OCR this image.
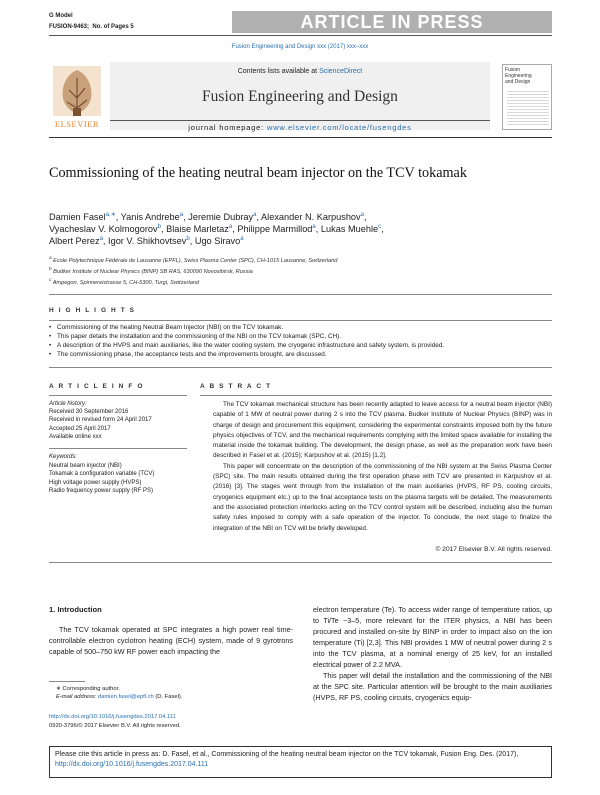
G Model
FUSION-9463; No. of Pages 5	ARTICLE IN PRESS
Fusion Engineering and Design xxx (2017) xxx–xxx
ELSEVIER
Contents lists available at ScienceDirect
Fusion Engineering and Design
journal homepage: www.elsevier.com/locate/fusengdes
Fusion
Engineering
and Design
Commissioning of the heating neutral beam injector on the TCV tokamak
Damien Fasel$^{a,∗}$, Yanis Andrebe$^a$, Jeremie Dubray$^a$, Alexander N. Karpushov$^a$,
Vyacheslav V. Kolmogorov$^b$, Blaise Marletaz$^a$, Philippe Marmillod$^a$, Lukas Muehle$^c$,
Albert Perez$^a$, Igor V. Shikhovtsev$^b$, Ugo Siravo$^a$
$^a$ Ecole Polytechnique Fédérale de Lausanne (EPFL), Swiss Plasma Center (SPC), CH-1015 Lausanne, Switzerland
$^b$ Budker Institute of Nuclear Physics (BINP) SB RAS, 630090 Novosibirsk, Russia
$^c$ Ampegon, Spinnereistrasse 5, CH-5300, Turgi, Switzerland
H I G H L I G H T S
• Commissioning of the heating Neutral Beam Injector (NBI) on the TCV tokamak.
• This paper details the installation and the commissioning of the NBI on the TCV tokamak (SPC, CH).
• A description of the HVPS and main auxiliaries, like the water cooling system, the cryogenic infrastructure and safety system, is provided.
• The commissioning phase, the acceptance tests and the improvements brought, are discussed.
A R T I C L E I N F O	A B S T R A C T
Article history:
Received 30 September 2016
Received in revised form 24 April 2017
Accepted 25 April 2017
Available online xxx
Keywords:
Neutral beam injector (NBI)
Tokamak à configuration variable (TCV)
High voltage power supply (HVPS)
Radio frequency power supply (RF PS)

The TCV tokamak mechanical structure has been recently adapted to leave access for a neutral beam injector (NBI) capable of 1 MW of neutral power during 2 s into the TCV plasma. Budker Institute of Nuclear Physics (BINP) was in charge of design and procurement this equipment, considering the experimental constraints imposed both by the future physics objectives of TCV, and the mechanical requirements complying with the limited space available for installing the material inside the tokamak building. The development, the design phase, as well as the preparation work have been described in Fasel et al. (2015); Karpushov et al. (2015) [1,2].

This paper will concentrate on the description of the commissioning of the NBI system at the Swiss Plasma Center (SPC) site. The main results obtained during the first operation phase with TCV are presented in Karpushov et al. (2016) [3]. The stages went through from the installation of the main auxiliaries (HVPS, RF PS, cooling circuits, cryogenics equipment etc.) up to the final acceptance tests on the plasma targets will be detailed. The measurements and the associated protection interlocks acting on the TCV control system will be described, including also the human safety rules imposed to comply with a safe operation of the injector. To conclude, the next stage to finalize the integration of the NBI on TCV will be briefly developed.

© 2017 Elsevier B.V. All rights reserved.
1. Introduction

The TCV tokamak operated at SPC integrates a high power real time-controllable electron cyclotron heating (ECH) system, made of 9 gyrotrons capable of 500–750 kW RF power each impacting the

electron temperature (Te). To access wider range of temperature ratios, up to Ti/Te ~3–5, more relevant for the ITER physics, a NBI has been procured and installed on-site by BINP in order to impact also on the ion temperature (Ti) [2,3]. This NBI provides 1 MW of neutral power during 2 s into the TCV plasma, at a nominal energy of 25 keV, for an installed electrical power of 2.2 MVA.

This paper will detail the installation and the commissioning of the NBI at the SPC site. Particular attention will be brought to the main auxiliaries (HVPS, RF PS, cooling circuits, cryogenics equip-

∗ Corresponding author.
E-mail address: damien.fasel@epfl.ch (D. Fasel).
http://dx.doi.org/10.1016/j.fusengdes.2017.04.111
0920-3796/© 2017 Elsevier B.V. All rights reserved.
Please cite this article in press as: D. Fasel, et al., Commissioning of the heating neutral beam injector on the TCV tokamak, Fusion Eng. Des. (2017), http://dx.doi.org/10.1016/j.fusengdes.2017.04.111
